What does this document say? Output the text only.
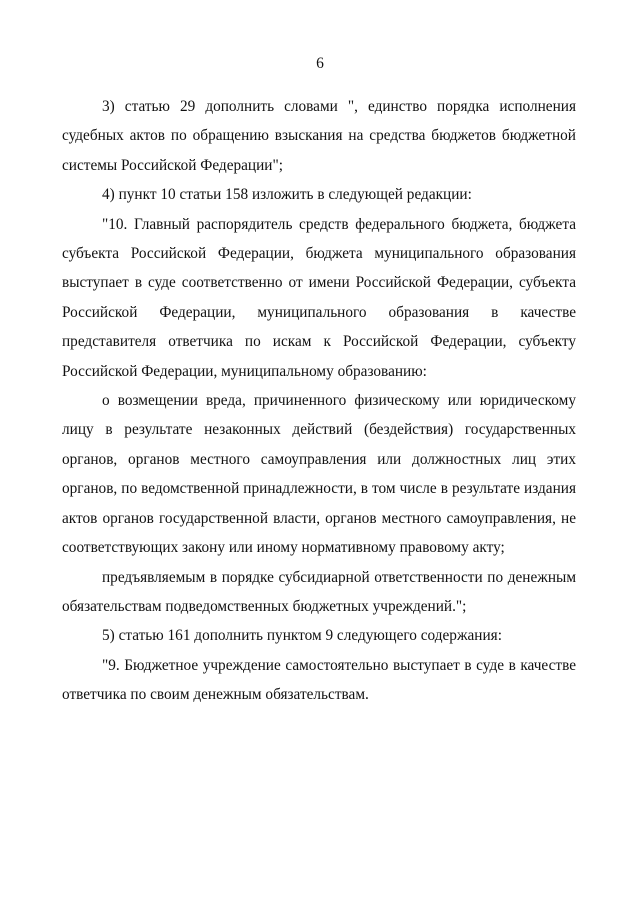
6

3) статью 29 дополнить словами ", единство порядка исполнения судебных актов по обращению взыскания на средства бюджетов бюджетной системы Российской Федерации";

4) пункт 10 статьи 158 изложить в следующей редакции:

"10. Главный распорядитель средств федерального бюджета, бюджета субъекта Российской Федерации, бюджета муниципального образования выступает в суде соответственно от имени Российской Федерации, субъекта Российской Федерации, муниципального образования в качестве представителя ответчика по искам к Российской Федерации, субъекту Российской Федерации, муниципальному образованию:

о возмещении вреда, причиненного физическому или юридическому лицу в результате незаконных действий (бездействия) государственных органов, органов местного самоуправления или должностных лиц этих органов, по ведомственной принадлежности, в том числе в результате издания актов органов государственной власти, органов местного самоуправления, не соответствующих закону или иному нормативному правовому акту;

предъявляемым в порядке субсидиарной ответственности по денежным обязательствам подведомственных бюджетных учреждений.";

5) статью 161 дополнить пунктом 9 следующего содержания:

"9. Бюджетное учреждение самостоятельно выступает в суде в качестве ответчика по своим денежным обязательствам.
